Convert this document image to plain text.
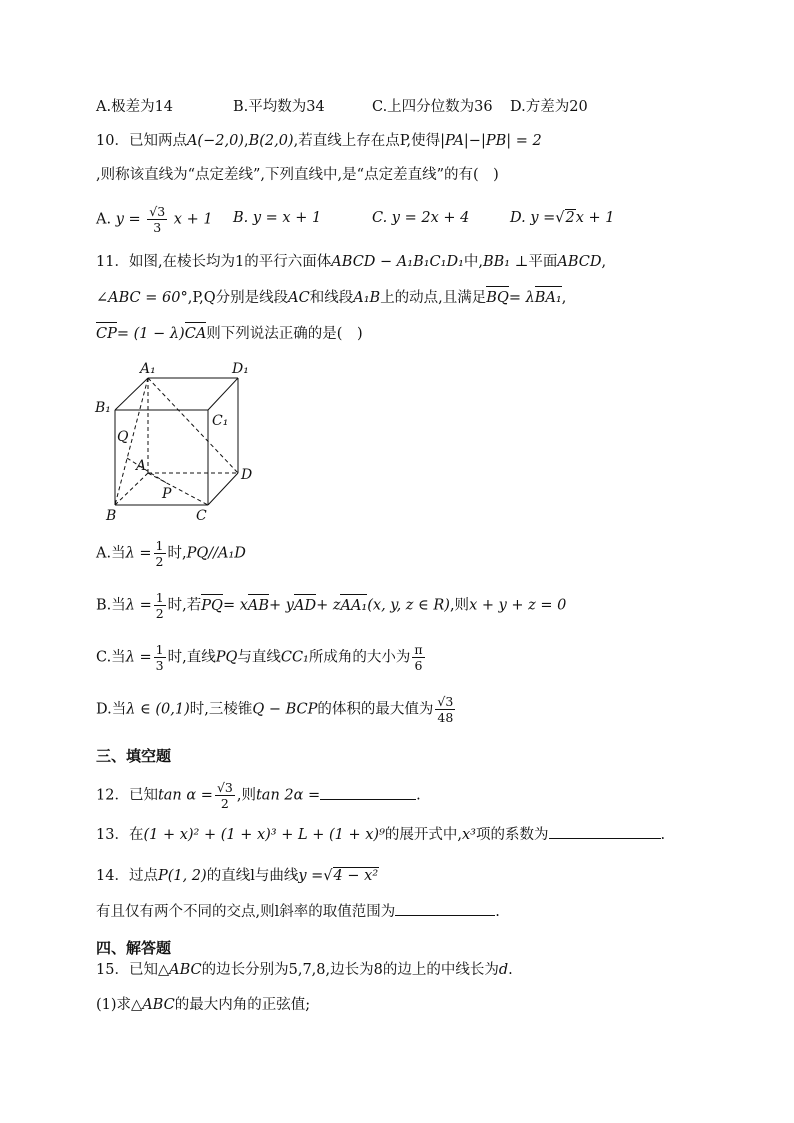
A.极差为14	B.平均数为34	C.上四分位数为36 D.方差为20
10．已知两点A(−2,0),B(2,0),若直线上存在点P,使得|PA|−|PB| = 2
,则称该直线为“点定差线”,下列直线中,是“点定差直线”的有(　)
A. $y = \frac{√3}{3}$ x + 1 B. y = x + 1	C. y = 2x + 4	D. y =√2x + 1
11．如图,在棱长均为1的平行六面体ABCD − A₁B₁C₁D₁中,BB₁ ⊥平面ABCD,
∠ABC = 60°,P,Q分别是线段AC和线段A₁B上的动点,且满足BQ= λBA₁,
CP= (1 − λ)CA则下列说法正确的是(　)
A₁	D₁
B₁
C₁
Q
A
D
P
B	C
A.当$\lambda = \frac{1}{2}$ 时,PQ//A₁D
B.当$\lambda = \frac{1}{2}$ 时,若PQ= xAB+ yAD+ zAA₁(x, y, z ∈ R),则x + y + z = 0
C.当$\lambda = \frac{1}{3}$ 时,直线PQ与直线CC₁所成角的大小为 $\frac{\pi}{6}$
D.当λ ∈ (0,1)时,三棱锥Q − BCP的体积的最大值为 $\frac{√3}{48}$
三、填空题
12．已知$\tan \alpha = \frac{√3}{2}$ ,则tan 2α =	.
13．在(1 + x)² + (1 + x)³ + L + (1 + x)⁹的展开式中,x³项的系数为	.
14．过点P(1, 2)的直线l与曲线y =√4 − x²
有且仅有两个不同的交点,则l斜率的取值范围为	.
四、解答题
15．已知△ABC的边长分别为5,7,8,边长为8的边上的中线长为d.
(1)求△ABC的最大内角的正弦值;
